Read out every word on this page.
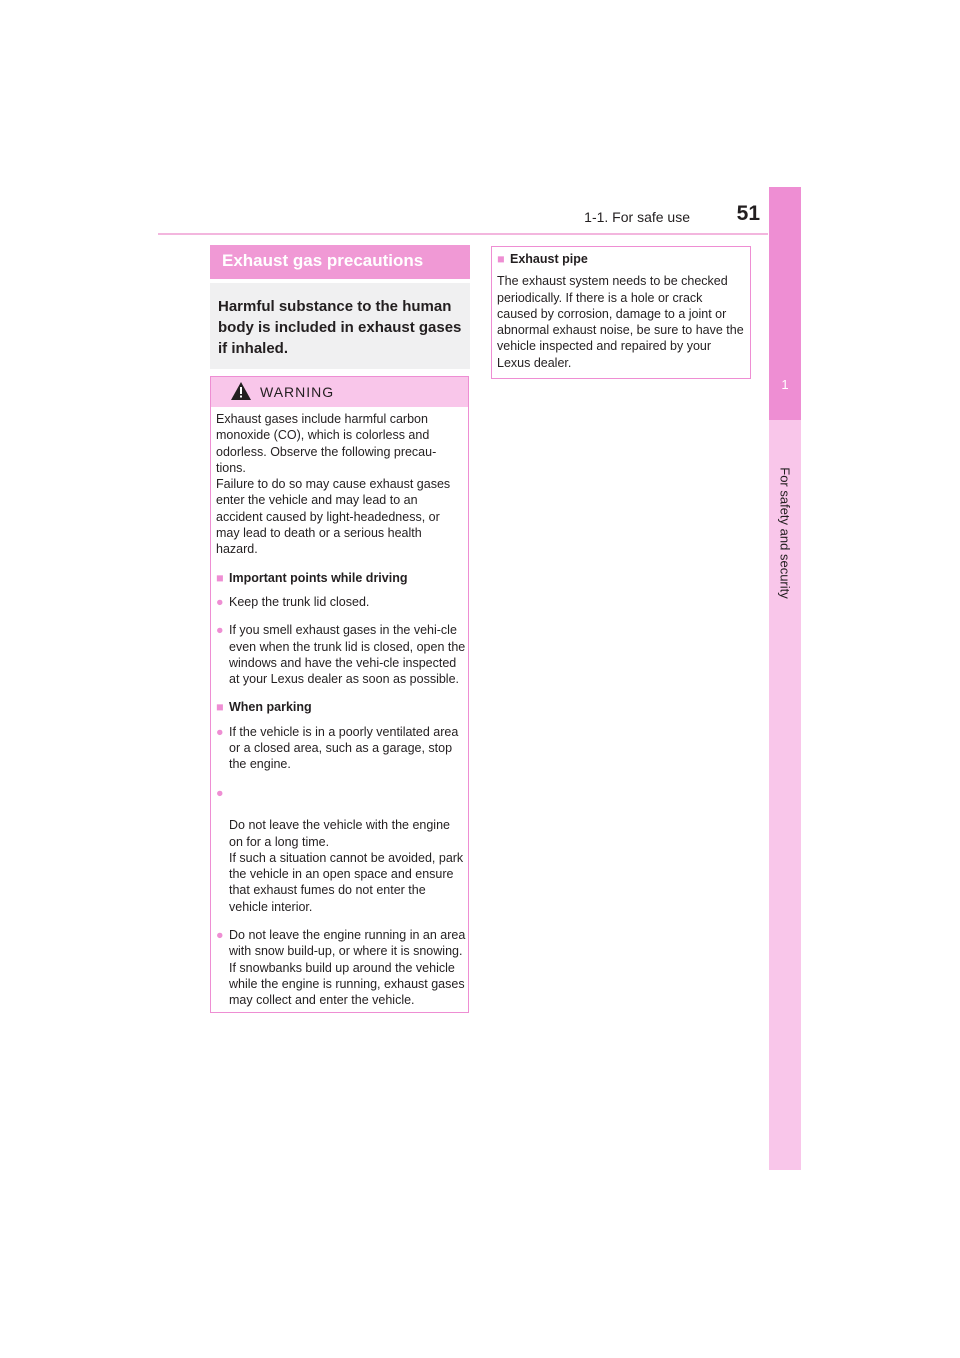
1-1. For safe use	51
1
For safety and security
Exhaust gas precautions
Harmful substance to the human body is included in exhaust gases if inhaled.
WARNING

Exhaust gases include harmful carbon monoxide (CO), which is colorless and odorless. Observe the following precau-tions.

Failure to do so may cause exhaust gases enter the vehicle and may lead to an accident caused by light-headedness, or may lead to death or a serious health hazard.

■ Important points while driving
● Keep the trunk lid closed.
● If you smell exhaust gases in the vehi-cle even when the trunk lid is closed, open the windows and have the vehi-cle inspected at your Lexus dealer as soon as possible.
■ When parking
● If the vehicle is in a poorly ventilated area or a closed area, such as a garage, stop the engine.

●

Do not leave the vehicle with the engine on for a long time.
If such a situation cannot be avoided, park the vehicle in an open space and ensure that exhaust fumes do not enter the vehicle interior.

● Do not leave the engine running in an area with snow build-up, or where it is snowing. If snowbanks build up around the vehicle while the engine is running, exhaust gases may collect and enter the vehicle.
■ Exhaust pipe

The exhaust system needs to be checked periodically. If there is a hole or crack caused by corrosion, damage to a joint or abnormal exhaust noise, be sure to have the vehicle inspected and repaired by your Lexus dealer.
